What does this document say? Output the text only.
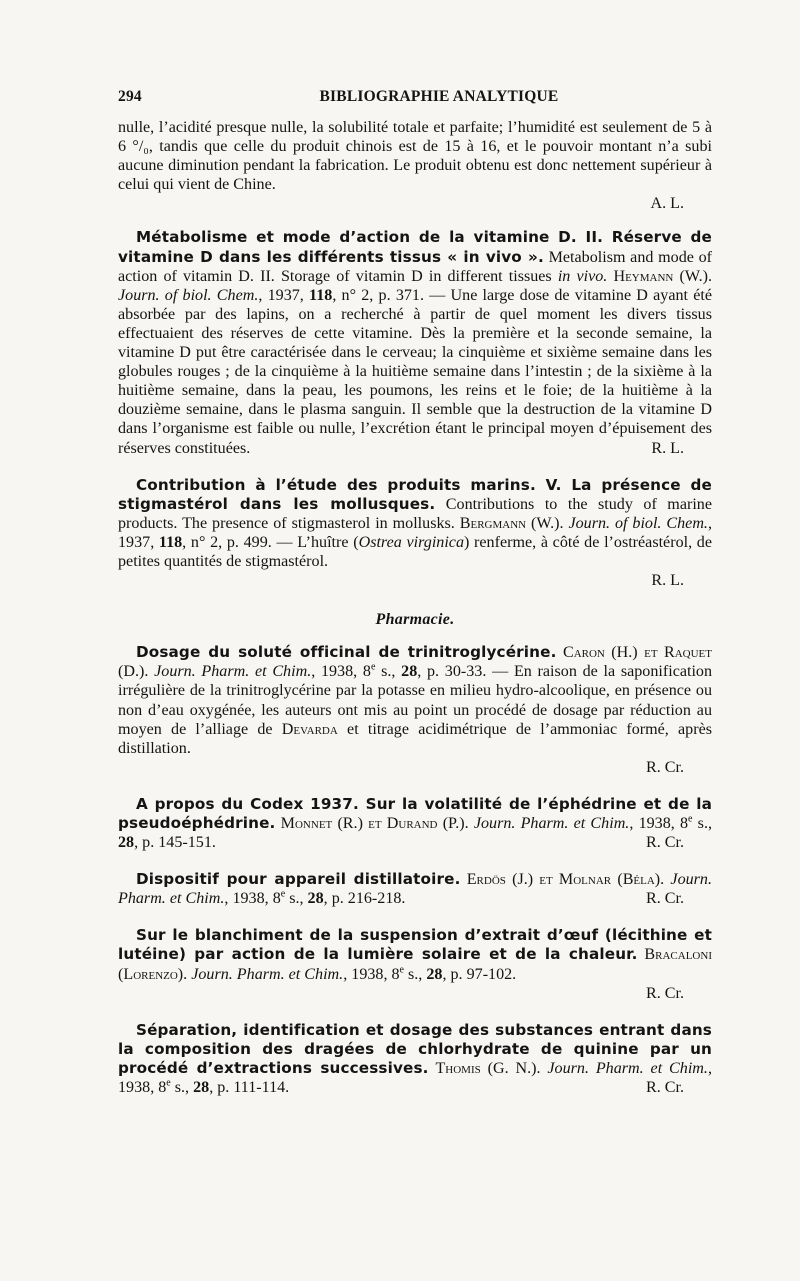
294	BIBLIOGRAPHIE ANALYTIQUE

nulle, l’acidité presque nulle, la solubilité totale et parfaite; l’humidité est seulement de 5 à 6 °/₀, tandis que celle du produit chinois est de 15 à 16, et le pouvoir montant n’a subi aucune diminution pendant la fabrication. Le produit obtenu est donc nettement supérieur à celui qui vient de Chine.

A. L.

Métabolisme et mode d’action de la vitamine D. II. Réserve de vitamine D dans les différents tissus « in vivo ». Metabolism and mode of action of vitamin D. II. Storage of vitamin D in different tissues in vivo. Heymann (W.). Journ. of biol. Chem., 1937, 118, n° 2, p. 371. — Une large dose de vitamine D ayant été absorbée par des lapins, on a recherché à partir de quel moment les divers tissus effectuaient des réserves de cette vitamine. Dès la première et la seconde semaine, la vitamine D put être caractérisée dans le cerveau; la cinquième et sixième semaine dans les globules rouges ; de la cinquième à la huitième semaine dans l’intestin ; de la sixième à la huitième semaine, dans la peau, les poumons, les reins et le foie; de la huitième à la douzième semaine, dans le plasma sanguin. Il semble que la destruction de la vitamine D dans l’organisme est faible ou nulle, l’excrétion étant le principal moyen d’épuisement des réserves constituées.	R. L.

Contribution à l’étude des produits marins. V. La présence de stigmastérol dans les mollusques. Contributions to the study of marine products. The presence of stigmasterol in mollusks. Bergmann (W.). Journ. of biol. Chem., 1937, 118, n° 2, p. 499. — L’huître (Ostrea virginica) renferme, à côté de l’ostréastérol, de petites quantités de stigmastérol.

R. L.

Pharmacie.

Dosage du soluté officinal de trinitroglycérine. Caron (H.) et Raquet (D.). Journ. Pharm. et Chim., 1938, 8e s., 28, p. 30-33. — En raison de la saponification irrégulière de la trinitroglycérine par la potasse en milieu hydro-alcoolique, en présence ou non d’eau oxygénée, les auteurs ont mis au point un procédé de dosage par réduction au moyen de l’alliage de Devarda et titrage acidimétrique de l’ammoniac formé, après distillation.

R. Cr.

A propos du Codex 1937. Sur la volatilité de l’éphédrine et de la pseudoéphédrine. Monnet (R.) et Durand (P.). Journ. Pharm. et Chim., 1938, 8e s., 28, p. 145-151.	R. Cr.

Dispositif pour appareil distillatoire. Erdös (J.) et Molnar (Béla). Journ. Pharm. et Chim., 1938, 8e s., 28, p. 216-218.	R. Cr.

Sur le blanchiment de la suspension d’extrait d’œuf (lécithine et lutéine) par action de la lumière solaire et de la chaleur. Bracaloni (Lorenzo). Journ. Pharm. et Chim., 1938, 8e s., 28, p. 97-102.

R. Cr.

Séparation, identification et dosage des substances entrant dans la composition des dragées de chlorhydrate de quinine par un procédé d’extractions successives. Thomis (G. N.). Journ. Pharm. et Chim., 1938, 8e s., 28, p. 111-114.	R. Cr.
